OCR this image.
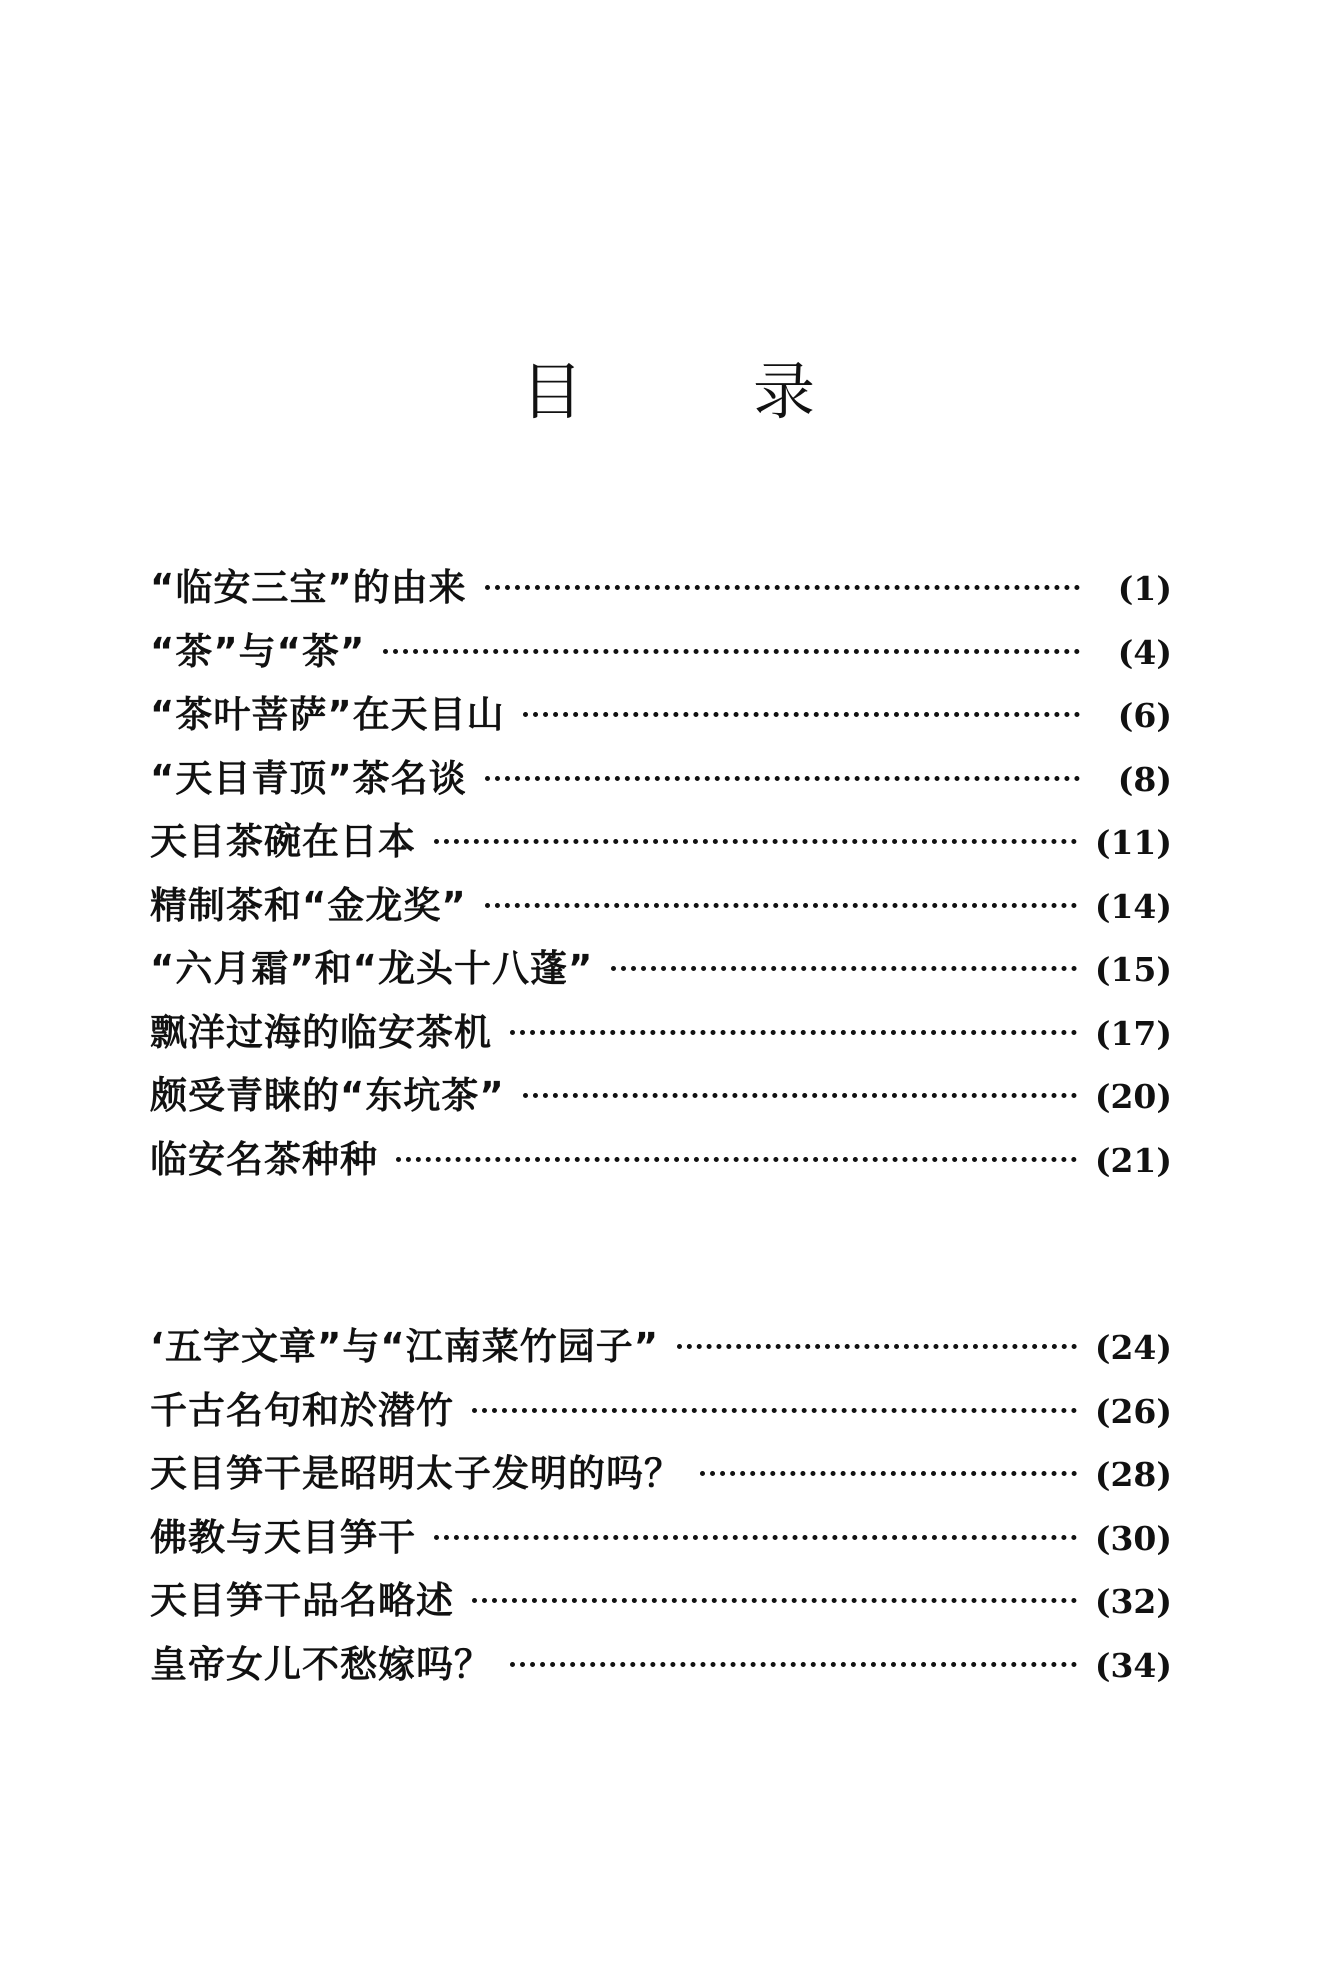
目	录
“临安三宝”的由来	(1)
“茶”与“茶”	(4)
“茶叶菩萨”在天目山	(6)
“天目青顶”茶名谈	(8)
天目茶碗在日本	(11)
精制茶和“金龙奖”	(14)
“六月霜”和“龙头十八蓬”	(15)
飘洋过海的临安茶机	(17)
颇受青睐的“东坑茶”	(20)
临安名茶种种	(21)
‘五字文章”与“江南菜竹园子”	(24)
千古名句和於潜竹	(26)
天目笋干是昭明太子发明的吗？	(28)
佛教与天目笋干	(30)
天目笋干品名略述	(32)
皇帝女儿不愁嫁吗？	(34)
